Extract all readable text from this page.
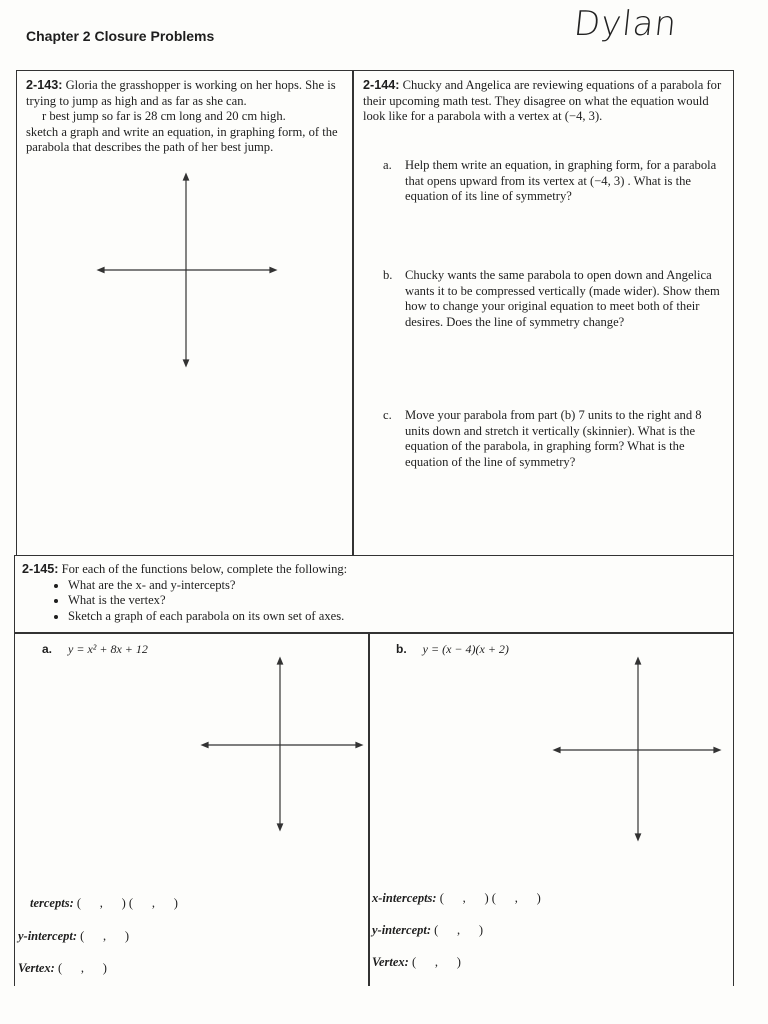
Chapter 2 Closure Problems	Dylan
2-143: Gloria the grasshopper is working on her hops. She is trying to jump as high and as far as she can.
r best jump so far is 28 cm long and 20 cm high.
sketch a graph and write an equation, in graphing form, of the parabola that describes the path of her best jump.
2-144: Chucky and Angelica are reviewing equations of a parabola for their upcoming math test. They disagree on what the equation would look like for a parabola with a vertex at (−4, 3).
a.	Help them write an equation, in graphing form, for a parabola that opens upward from its vertex at (−4, 3) . What is the equation of its line of symmetry?
b. Chucky wants the same parabola to open down and Angelica wants it to be compressed vertically (made wider). Show them how to change your original equation to meet both of their desires. Does the line of symmetry change?
c.	Move your parabola from part (b) 7 units to the right and 8 units down and stretch it vertically (skinnier). What is the equation of the parabola, in graphing form? What is the equation of the line of symmetry?
2-145: For each of the functions below, complete the following:
• What are the x- and y-intercepts?
• What is the vertex?
• Sketch a graph of each parabola on its own set of axes.
a. y = x² + 8x + 12
tercepts: (      ,      ) (      ,      )
y-intercept: (      ,      )
Vertex: (      ,      )
b. y = (x − 4)(x + 2)
x-intercepts: (      ,      ) (      ,      )
y-intercept: (      ,      )
Vertex: (      ,      )
